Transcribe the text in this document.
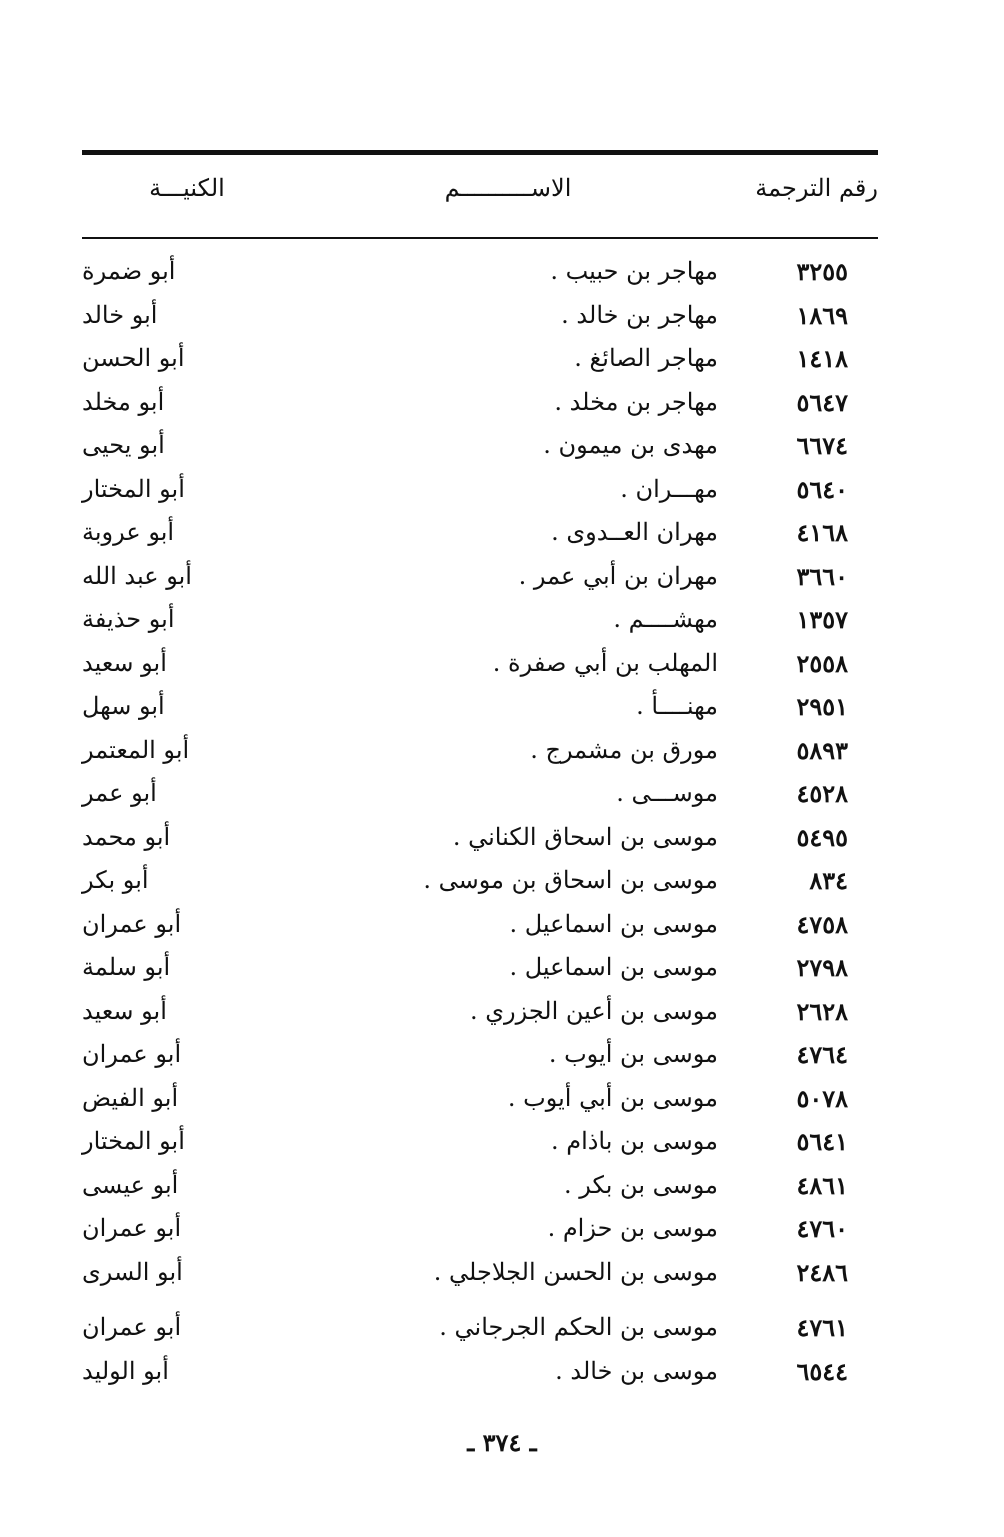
رقم الترجمة
الاســــــــــم
الكنيـــة
٣٢٥٥
مهاجر بن حبيب .
أبو ضمرة
١٨٦٩
مهاجر بن خالد .
أبو خالد
١٤١٨
مهاجر الصائغ .
أبو الحسن
٥٦٤٧
مهاجر بن مخلد .
أبو مخلد
٦٦٧٤
مهدى بن ميمون .
أبو يحيى
٥٦٤٠
مهـــران .
أبو المختار
٤١٦٨
مهران العــدوى .
أبو عروبة
٣٦٦٠
مهران بن أبي عمر .
أبو عبد الله
١٣٥٧
مهشــــم .
أبو حذيفة
٢٥٥٨
المهلب بن أبي صفرة .
أبو سعيد
٢٩٥١
مهنــــأ .
أبو سهل
٥٨٩٣
مورق بن مشمرج .
أبو المعتمر
٤٥٢٨
موســـى .
أبو عمر
٥٤٩٥
موسى بن اسحاق الكناني .
أبو محمد
٨٣٤
موسى بن اسحاق بن موسى .
أبو بكر
٤٧٥٨
موسى بن اسماعيل .
أبو عمران
٢٧٩٨
موسى بن اسماعيل .
أبو سلمة
٢٦٢٨
موسى بن أعين الجزري .
أبو سعيد
٤٧٦٤
موسى بن أيوب .
أبو عمران
٥٠٧٨
موسى بن أبي أيوب .
أبو الفيض
٥٦٤١
موسى بن باذام .
أبو المختار
٤٨٦١
موسى بن بكر .
أبو عيسى
٤٧٦٠
موسى بن حزام .
أبو عمران
٢٤٨٦
موسى بن الحسن الجلاجلي .
أبو السرى
٤٧٦١
موسى بن الحكم الجرجاني .
أبو عمران
٦٥٤٤
موسى بن خالد .
أبو الوليد
ـ ٣٧٤ ـ
